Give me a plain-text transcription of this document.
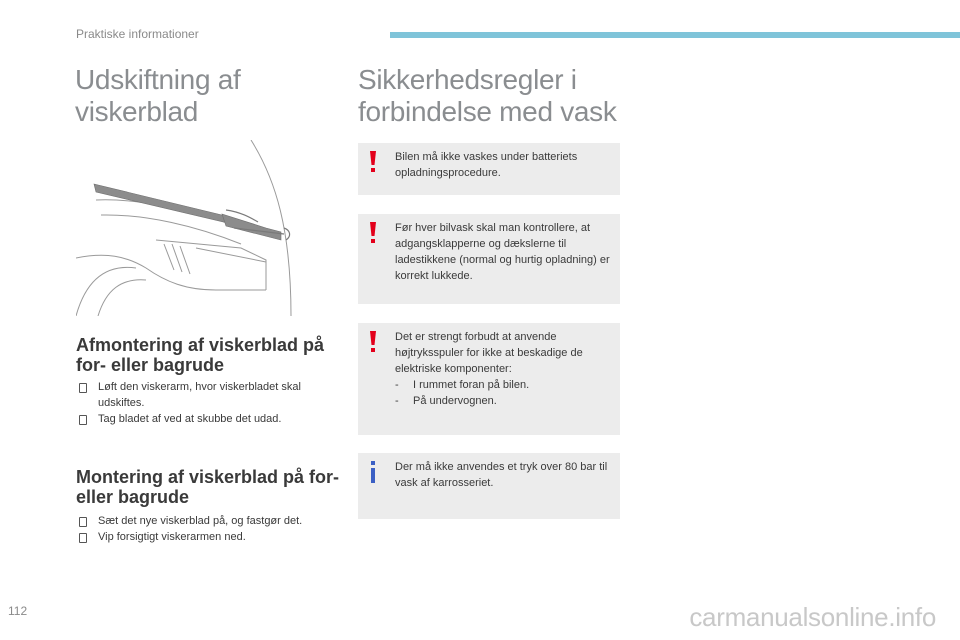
Praktiske informationer
Udskiftning af viskerblad
Sikkerhedsregler i forbindelse med vask
Afmontering af viskerblad på for- eller bagrude
Løft den viskerarm, hvor viskerbladet skal udskiftes.
Tag bladet af ved at skubbe det udad.
Montering af viskerblad på for- eller bagrude
Sæt det nye viskerblad på, og fastgør det.
Vip forsigtigt viskerarmen ned.

Bilen må ikke vaskes under batteriets opladningsprocedure.

Før hver bilvask skal man kontrollere, at adgangsklapperne og dækslerne til ladestikkene (normal og hurtig opladning) er korrekt lukkede.

Det er strengt forbudt at anvende højtryksspuler for ikke at beskadige de elektriske komponenter:

- I rummet foran på bilen.

- På undervognen.

Der må ikke anvendes et tryk over 80 bar til vask af karrosseriet.

112	carmanualsonline.info
